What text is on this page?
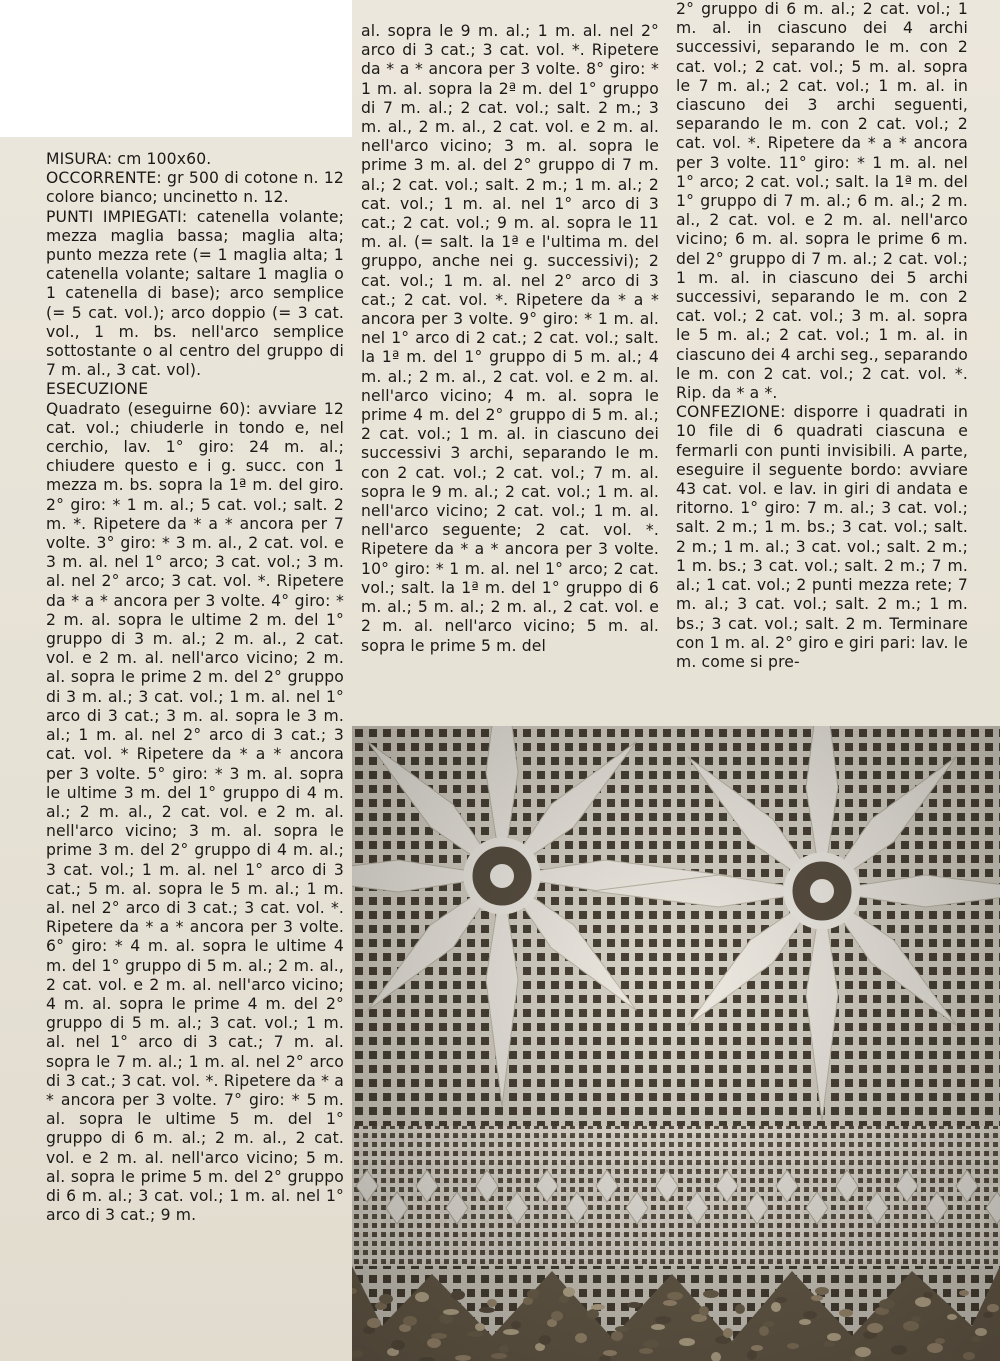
MISURA: cm 100x60.
OCCORRENTE: gr 500 di cotone n. 12 colore bianco; uncinetto n. 12.
PUNTI IMPIEGATI: catenella volante; mezza maglia bassa; maglia alta; punto mezza rete (= 1 maglia alta; 1 catenella volante; saltare 1 maglia o 1 catenella di base); arco semplice (= 5 cat. vol.); arco doppio (= 3 cat. vol., 1 m. bs. nell'arco semplice sottostante o al centro del gruppo di 7 m. al., 3 cat. vol).
ESECUZIONE
Quadrato (eseguirne 60): avviare 12 cat. vol.; chiuderle in tondo e, nel cerchio, lav. 1° giro: 24 m. al.; chiudere questo e i g. succ. con 1 mezza m. bs. sopra la 1ª m. del giro. 2° giro: * 1 m. al.; 5 cat. vol.; salt. 2 m. *. Ripetere da * a * ancora per 7 volte. 3° giro: * 3 m. al., 2 cat. vol. e 3 m. al. nel 1° arco; 3 cat. vol.; 3 m. al. nel 2° arco; 3 cat. vol. *. Ripetere da * a * ancora per 3 volte. 4° giro: * 2 m. al. sopra le ultime 2 m. del 1° gruppo di 3 m. al.; 2 m. al., 2 cat. vol. e 2 m. al. nell'arco vicino; 2 m. al. sopra le prime 2 m. del 2° gruppo di 3 m. al.; 3 cat. vol.; 1 m. al. nel 1° arco di 3 cat.; 3 m. al. sopra le 3 m. al.; 1 m. al. nel 2° arco di 3 cat.; 3 cat. vol. * Ripetere da * a * ancora per 3 volte. 5° giro: * 3 m. al. sopra le ultime 3 m. del 1° gruppo di 4 m. al.; 2 m. al., 2 cat. vol. e 2 m. al. nell'arco vicino; 3 m. al. sopra le prime 3 m. del 2° gruppo di 4 m. al.; 3 cat. vol.; 1 m. al. nel 1° arco di 3 cat.; 5 m. al. sopra le 5 m. al.; 1 m. al. nel 2° arco di 3 cat.; 3 cat. vol. *. Ripetere da * a * ancora per 3 volte. 6° giro: * 4 m. al. sopra le ultime 4 m. del 1° gruppo di 5 m. al.; 2 m. al., 2 cat. vol. e 2 m. al. nell'arco vicino; 4 m. al. sopra le prime 4 m. del 2° gruppo di 5 m. al.; 3 cat. vol.; 1 m. al. nel 1° arco di 3 cat.; 7 m. al. sopra le 7 m. al.; 1 m. al. nel 2° arco di 3 cat.; 3 cat. vol. *. Ripetere da * a * ancora per 3 volte. 7° giro: * 5 m. al. sopra le ultime 5 m. del 1° gruppo di 6 m. al.; 2 m. al., 2 cat. vol. e 2 m. al. nell'arco vicino; 5 m. al. sopra le prime 5 m. del 2° gruppo di 6 m. al.; 3 cat. vol.; 1 m. al. nel 1° arco di 3 cat.; 9 m.

al. sopra le 9 m. al.; 1 m. al. nel 2° arco di 3 cat.; 3 cat. vol. *. Ripetere da * a * ancora per 3 volte. 8° giro: * 1 m. al. sopra la 2ª m. del 1° gruppo di 7 m. al.; 2 cat. vol.; salt. 2 m.; 3 m. al., 2 m. al., 2 cat. vol. e 2 m. al. nell'arco vicino; 3 m. al. sopra le prime 3 m. al. del 2° gruppo di 7 m. al.; 2 cat. vol.; salt. 2 m.; 1 m. al.; 2 cat. vol.; 1 m. al. nel 1° arco di 3 cat.; 2 cat. vol.; 9 m. al. sopra le 11 m. al. (= salt. la 1ª e l'ultima m. del gruppo, anche nei g. successivi); 2 cat. vol.; 1 m. al. nel 2° arco di 3 cat.; 2 cat. vol. *. Ripetere da * a * ancora per 3 volte. 9° giro: * 1 m. al. nel 1° arco di 2 cat.; 2 cat. vol.; salt. la 1ª m. del 1° gruppo di 5 m. al.; 4 m. al.; 2 m. al., 2 cat. vol. e 2 m. al. nell'arco vicino; 4 m. al. sopra le prime 4 m. del 2° gruppo di 5 m. al.; 2 cat. vol.; 1 m. al. in ciascuno dei successivi 3 archi, separando le m. con 2 cat. vol.; 2 cat. vol.; 7 m. al. sopra le 9 m. al.; 2 cat. vol.; 1 m. al. nell'arco vicino; 2 cat. vol.; 1 m. al. nell'arco seguente; 2 cat. vol. *. Ripetere da * a * ancora per 3 volte. 10° giro: * 1 m. al. nel 1° arco; 2 cat. vol.; salt. la 1ª m. del 1° gruppo di 6 m. al.; 5 m. al.; 2 m. al., 2 cat. vol. e 2 m. al. nell'arco vicino; 5 m. al. sopra le prime 5 m. del

2° gruppo di 6 m. al.; 2 cat. vol.; 1 m. al. in ciascuno dei 4 archi successivi, separando le m. con 2 cat. vol.; 2 cat. vol.; 5 m. al. sopra le 7 m. al.; 2 cat. vol.; 1 m. al. in ciascuno dei 3 archi seguenti, separando le m. con 2 cat. vol.; 2 cat. vol. *. Ripetere da * a * ancora per 3 volte. 11° giro: * 1 m. al. nel 1° arco; 2 cat. vol.; salt. la 1ª m. del 1° gruppo di 7 m. al.; 6 m. al.; 2 m. al., 2 cat. vol. e 2 m. al. nell'arco vicino; 6 m. al. sopra le prime 6 m. del 2° gruppo di 7 m. al.; 2 cat. vol.; 1 m. al. in ciascuno dei 5 archi successivi, separando le m. con 2 cat. vol.; 2 cat. vol.; 3 m. al. sopra le 5 m. al.; 2 cat. vol.; 1 m. al. in ciascuno dei 4 archi seg., separando le m. con 2 cat. vol.; 2 cat. vol. *. Rip. da * a *.
CONFEZIONE: disporre i quadrati in 10 file di 6 quadrati ciascuna e fermarli con punti invisibili. A parte, eseguire il seguente bordo: avviare 43 cat. vol. e lav. in giri di andata e ritorno. 1° giro: 7 m. al.; 3 cat. vol.; salt. 2 m.; 1 m. bs.; 3 cat. vol.; salt. 2 m.; 1 m. al.; 3 cat. vol.; salt. 2 m.; 1 m. bs.; 3 cat. vol.; salt. 2 m.; 7 m. al.; 1 cat. vol.; 2 punti mezza rete; 7 m. al.; 3 cat. vol.; salt. 2 m.; 1 m. bs.; 3 cat. vol.; salt. 2 m. Terminare con 1 m. al. 2° giro e giri pari: lav. le m. come si pre-
